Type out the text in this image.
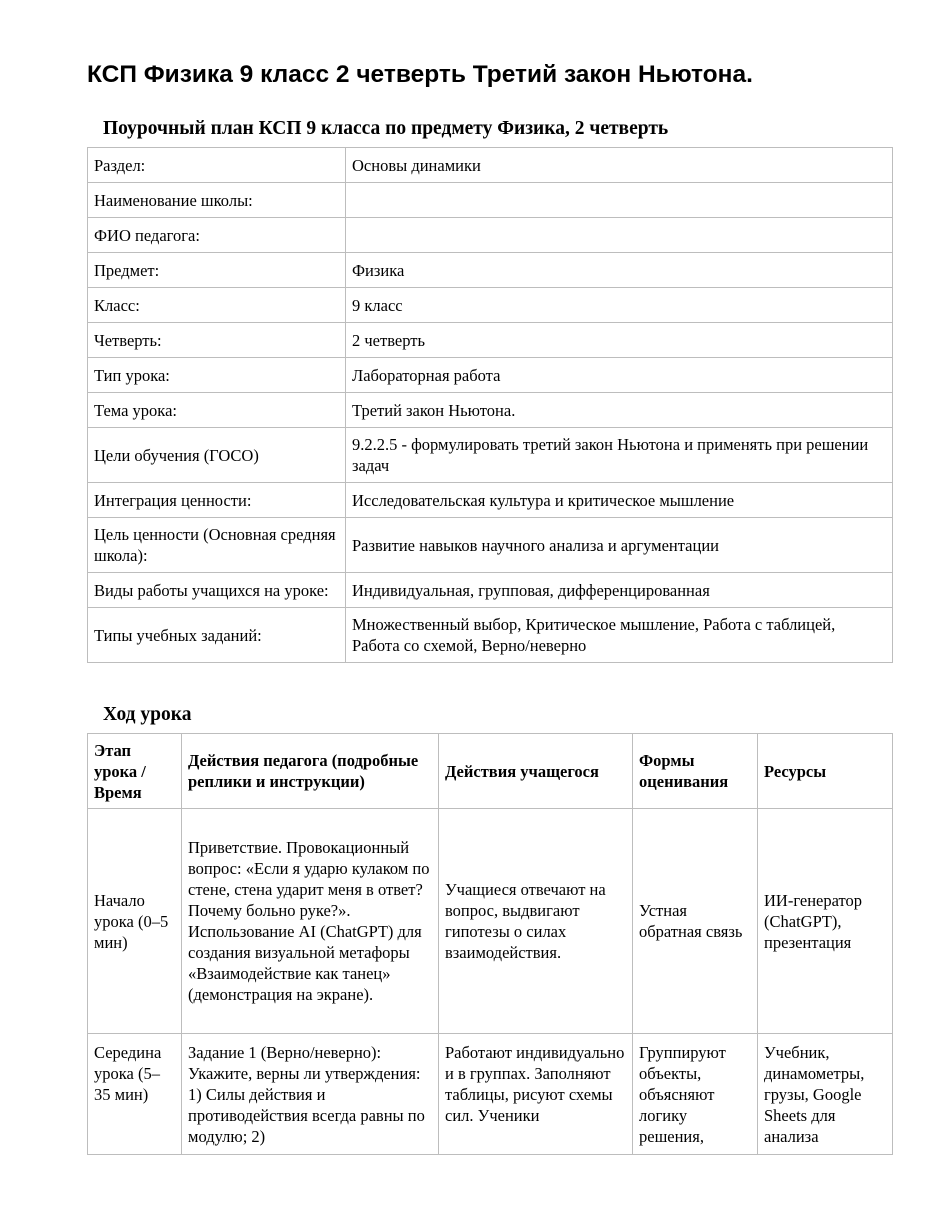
КСП Физика 9 класс 2 четверть Третий закон Ньютона.
Поурочный план КСП 9 класса по предмету Физика, 2 четверть
Раздел:	Основы динамики
Наименование школы:	
ФИО педагога:	
Предмет:	Физика
Класс:	9 класс
Четверть:	2 четверть
Тип урока:	Лабораторная работа
Тема урока:	Третий закон Ньютона.
Цели обучения (ГОСО)	9.2.2.5 - формулировать третий закон Ньютона и применять при решении задач
Интеграция ценности:	Исследовательская культура и критическое мышление
Цель ценности (Основная средняя школа):	Развитие навыков научного анализа и аргументации
Виды работы учащихся на уроке:	Индивидуальная, групповая, дифференцированная
Типы учебных заданий:	Множественный выбор, Критическое мышление, Работа с таблицей, Работа со схемой, Верно/неверно
Ход урока
Этап урока / Время	Действия педагога (подробные реплики и инструкции)	Действия учащегося	Формы оценивания	Ресурсы
Начало урока (0–5 мин)	Приветствие. Провокационный вопрос: «Если я ударю кулаком по стене, стена ударит меня в ответ? Почему больно руке?». Использование AI (ChatGPT) для создания визуальной метафоры «Взаимодействие как танец» (демонстрация на экране).	Учащиеся отвечают на вопрос, выдвигают гипотезы о силах взаимодействия.	Устная обратная связь	ИИ-генератор (ChatGPT), презентация

Середина урока (5–35 мин)	Задание 1 (Верно/неверно): Укажите, верны ли утверждения: 1) Силы действия и противодействия всегда равны по модулю; 2)	Работают индивидуально и в группах. Заполняют таблицы, рисуют схемы сил. Ученики	Группируют объекты, объясняют логику решения,	Учебник, динамометры, грузы, Google Sheets для анализа
